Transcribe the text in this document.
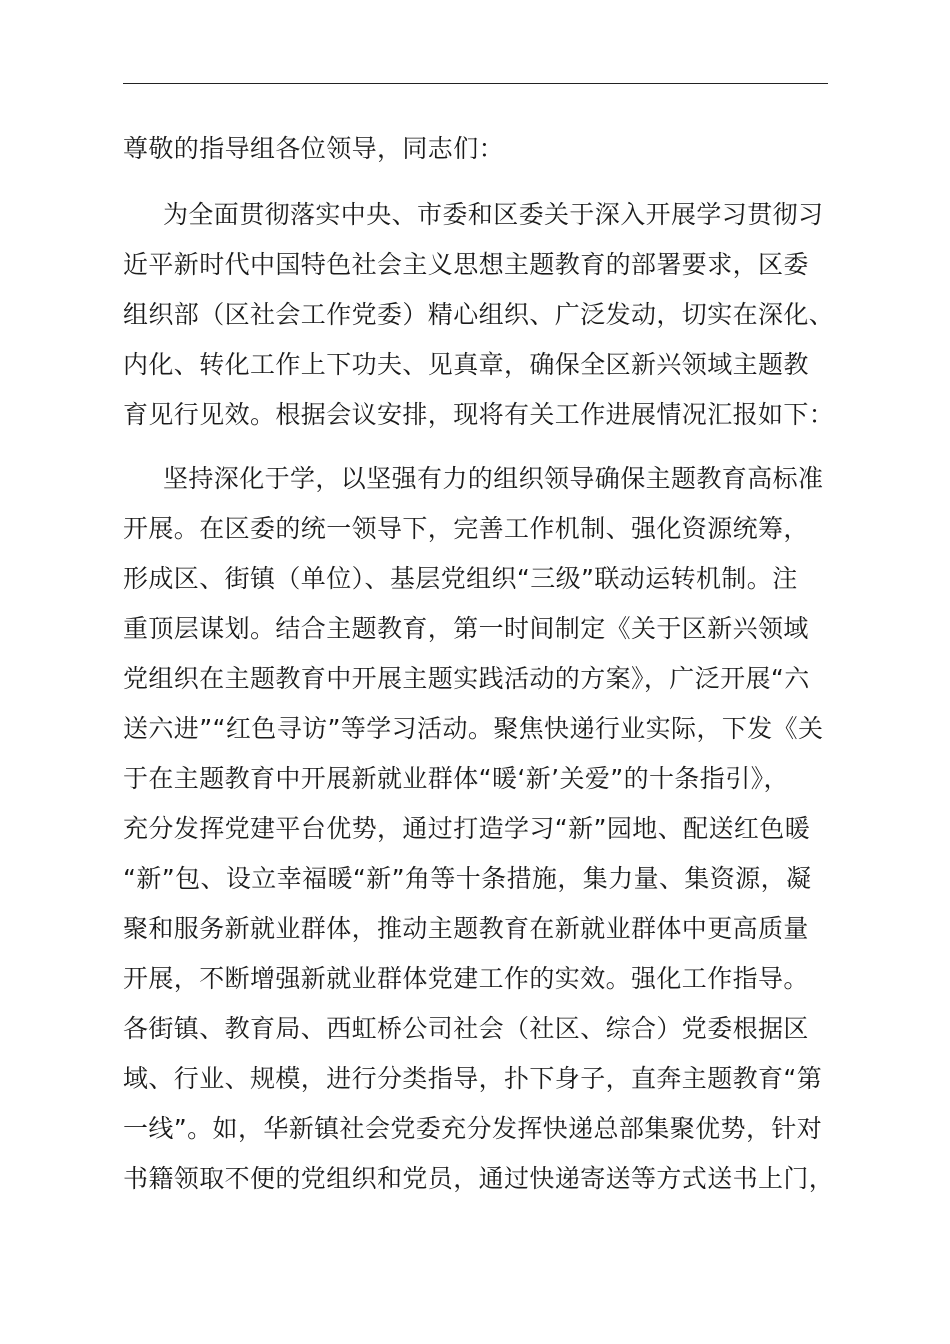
尊敬的指导组各位领导，同志们：
为全面贯彻落实中央、市委和区委关于深入开展学习贯彻习
近平新时代中国特色社会主义思想主题教育的部署要求，区委
组织部（区社会工作党委）精心组织、广泛发动，切实在深化、
内化、转化工作上下功夫、见真章，确保全区新兴领域主题教
育见行见效。根据会议安排，现将有关工作进展情况汇报如下：
坚持深化于学，以坚强有力的组织领导确保主题教育高标准
开展。在区委的统一领导下，完善工作机制、强化资源统筹，
形成区、街镇（单位）、基层党组织“三级”联动运转机制。注
重顶层谋划。结合主题教育，第一时间制定《关于区新兴领域
党组织在主题教育中开展主题实践活动的方案》，广泛开展“六
送六进”“红色寻访”等学习活动。聚焦快递行业实际，下发《关
于在主题教育中开展新就业群体“暖‘新’关爱”的十条指引》，
充分发挥党建平台优势，通过打造学习“新”园地、配送红色暖
“新”包、设立幸福暖“新”角等十条措施，集力量、集资源，凝
聚和服务新就业群体，推动主题教育在新就业群体中更高质量
开展，不断增强新就业群体党建工作的实效。强化工作指导。
各街镇、教育局、西虹桥公司社会（社区、综合）党委根据区
域、行业、规模，进行分类指导，扑下身子，直奔主题教育“第
一线”。如，华新镇社会党委充分发挥快递总部集聚优势，针对
书籍领取不便的党组织和党员，通过快递寄送等方式送书上门，
